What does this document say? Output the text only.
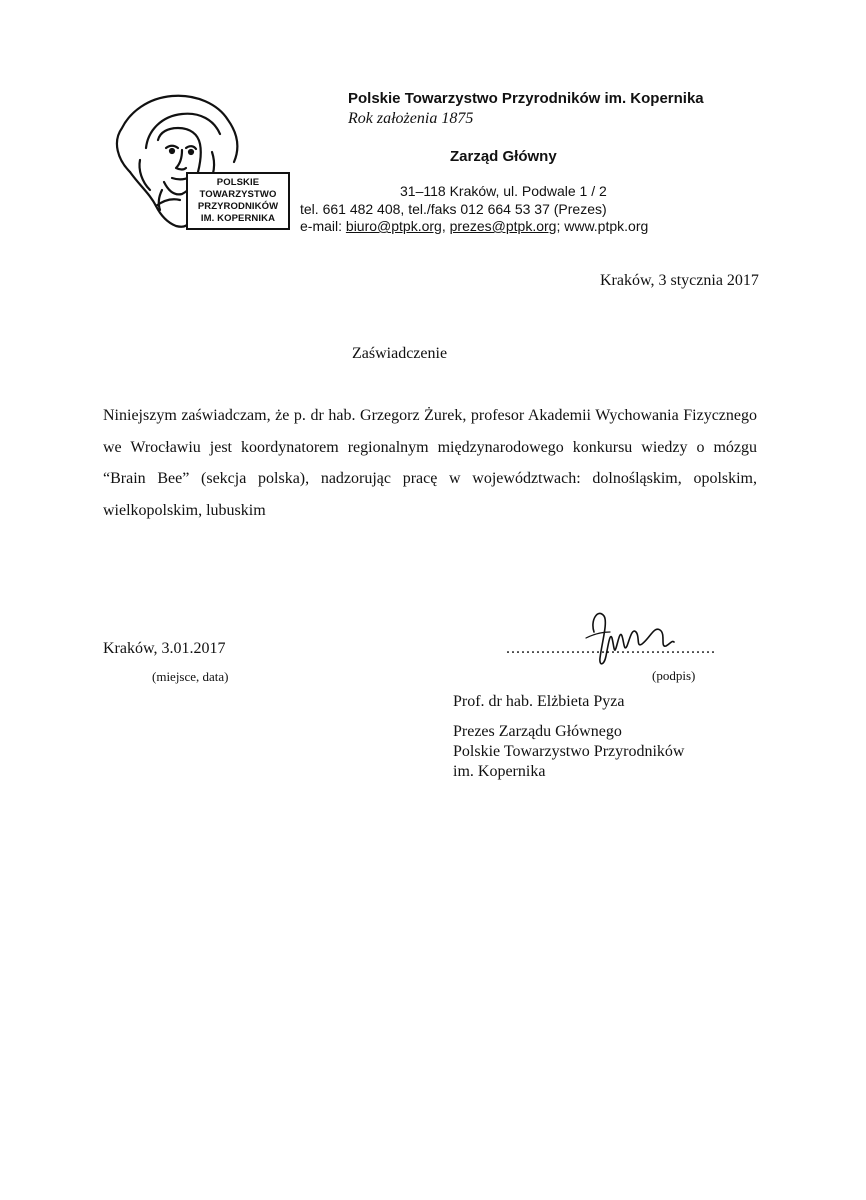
POLSKIE
TOWARZYSTWO
PRZYRODNIKÓW
IM. KOPERNIKA
Polskie Towarzystwo Przyrodników im. Kopernika
Rok założenia 1875
Zarząd Główny
31–118 Kraków, ul. Podwale 1 / 2
tel. 661 482 408, tel./faks 012 664 53 37 (Prezes)
e-mail: biuro@ptpk.org, prezes@ptpk.org; www.ptpk.org
Kraków, 3 stycznia 2017
Zaświadczenie
Niniejszym zaświadczam, że p. dr hab. Grzegorz Żurek, profesor Akademii Wychowania Fizycznego we Wrocławiu jest koordynatorem regionalnym międzynarodowego konkursu wiedzy o mózgu “Brain Bee” (sekcja polska), nadzorując pracę w województwach: dolnośląskim, opolskim, wielkopolskim, lubuskim
Kraków, 3.01.2017
(miejsce, data)
..........................................
(podpis)
Prof. dr hab. Elżbieta Pyza
Prezes Zarządu Głównego
Polskie Towarzystwo Przyrodników
im. Kopernika
